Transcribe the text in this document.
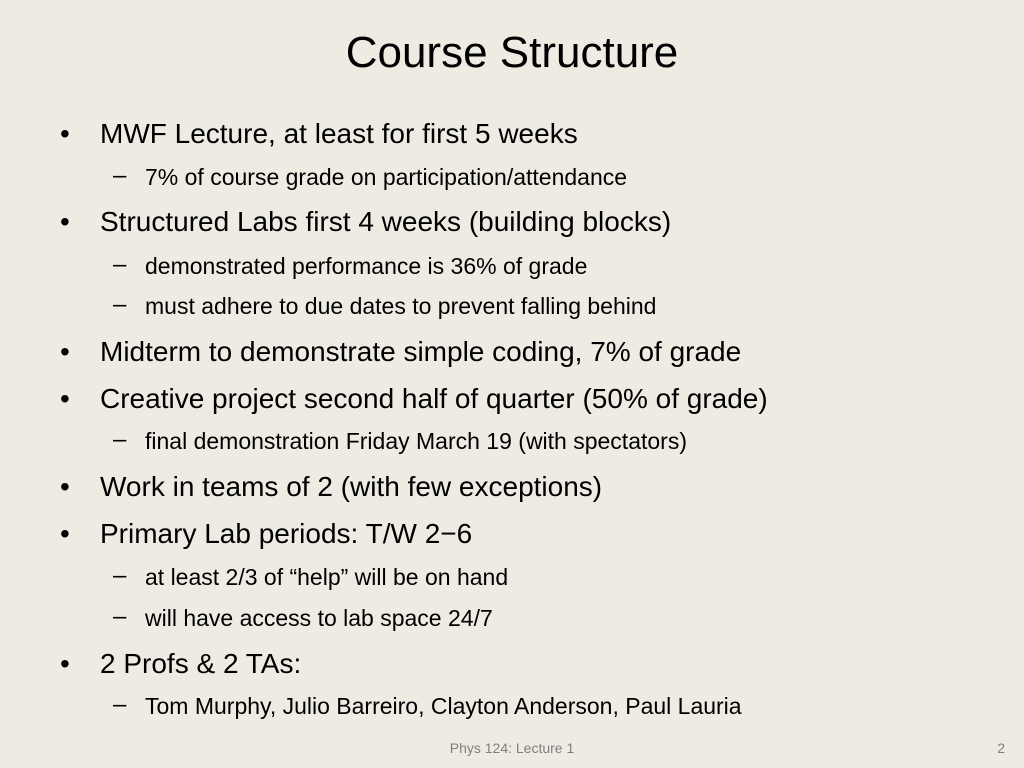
Course Structure
• MWF Lecture, at least for first 5 weeks
– 7% of course grade on participation/attendance
• Structured Labs first 4 weeks (building blocks)
– demonstrated performance is 36% of grade
– must adhere to due dates to prevent falling behind
• Midterm to demonstrate simple coding, 7% of grade
• Creative project second half of quarter (50% of grade)
– final demonstration Friday March 19 (with spectators)
• Work in teams of 2 (with few exceptions)
• Primary Lab periods: T/W 2−6
– at least 2/3 of “help” will be on hand
– will have access to lab space 24/7
• 2 Profs & 2 TAs:
– Tom Murphy, Julio Barreiro, Clayton Anderson, Paul Lauria
Phys 124: Lecture 1	2
